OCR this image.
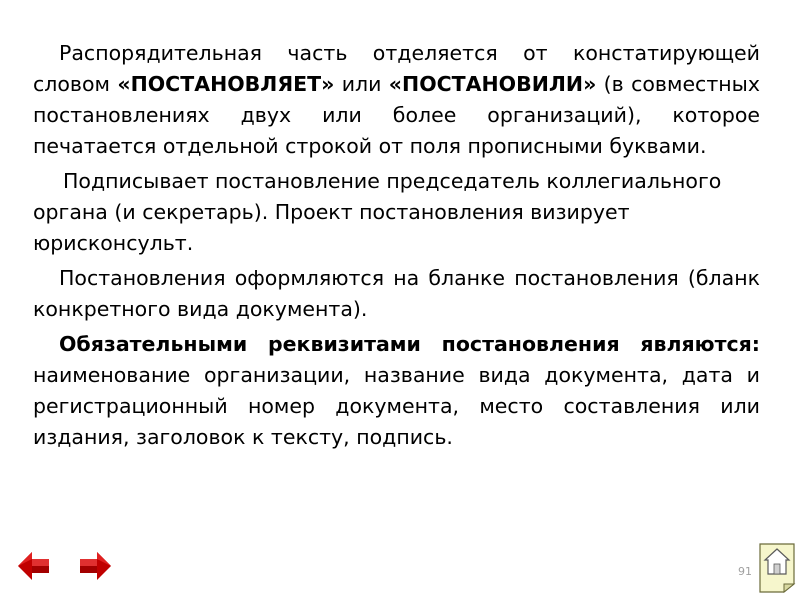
Распорядительная часть отделяется от констатирующей словом «ПОСТАНОВЛЯЕТ» или «ПОСТАНОВИЛИ» (в совместных постановлениях двух или более организаций), которое печатается отдельной строкой от поля прописными буквами.

Подписывает постановление председатель коллегиального органа (и секретарь). Проект постановления визирует юрисконсульт.

Постановления оформляются на бланке постановления (бланк конкретного вида документа).

Обязательными реквизитами постановления являются: наименование организации, название вида документа, дата и регистрационный номер документа, место составления или издания, заголовок к тексту, подпись.

91
